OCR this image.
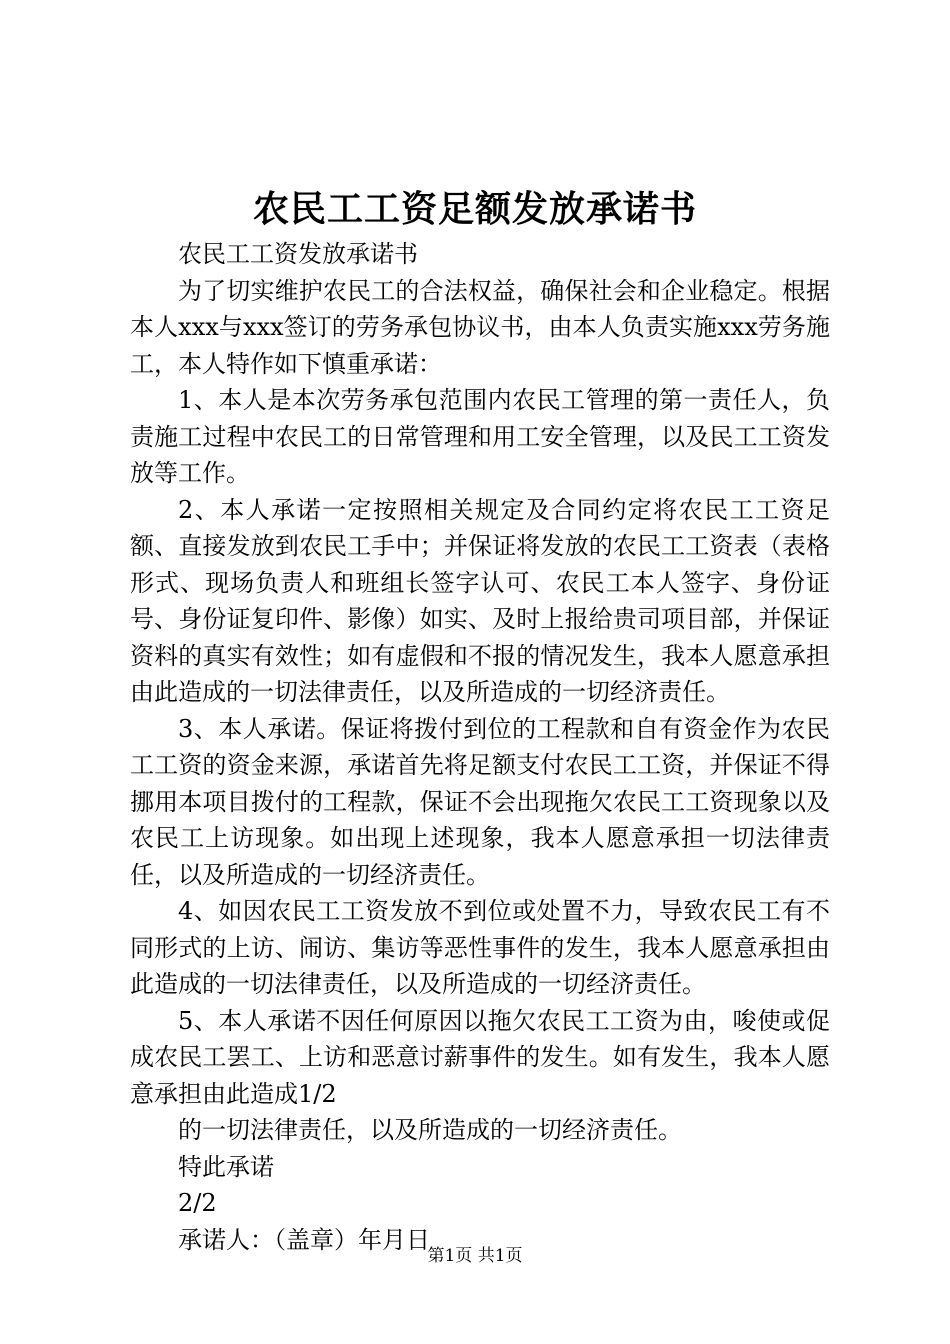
农民工工资足额发放承诺书

农民工工资发放承诺书

为了切实维护农民工的合法权益，确保社会和企业稳定。根据本人xxx与xxx签订的劳务承包协议书，由本人负责实施xxx劳务施工，本人特作如下慎重承诺：

1、本人是本次劳务承包范围内农民工管理的第一责任人，负责施工过程中农民工的日常管理和用工安全管理，以及民工工资发放等工作。

2、本人承诺一定按照相关规定及合同约定将农民工工资足额、直接发放到农民工手中；并保证将发放的农民工工资表（表格形式、现场负责人和班组长签字认可、农民工本人签字、身份证号、身份证复印件、影像）如实、及时上报给贵司项目部，并保证资料的真实有效性；如有虚假和不报的情况发生，我本人愿意承担由此造成的一切法律责任，以及所造成的一切经济责任。

3、本人承诺。保证将拨付到位的工程款和自有资金作为农民工工资的资金来源，承诺首先将足额支付农民工工资，并保证不得挪用本项目拨付的工程款，保证不会出现拖欠农民工工资现象以及农民工上访现象。如出现上述现象，我本人愿意承担一切法律责任，以及所造成的一切经济责任。

4、如因农民工工资发放不到位或处置不力，导致农民工有不同形式的上访、闹访、集访等恶性事件的发生，我本人愿意承担由此造成的一切法律责任，以及所造成的一切经济责任。

5、本人承诺不因任何原因以拖欠农民工工资为由，唆使或促成农民工罢工、上访和恶意讨薪事件的发生。如有发生，我本人愿意承担由此造成1/2

的一切法律责任，以及所造成的一切经济责任。

特此承诺

2/2

承诺人：（盖章）年月日

第1页 共1页
